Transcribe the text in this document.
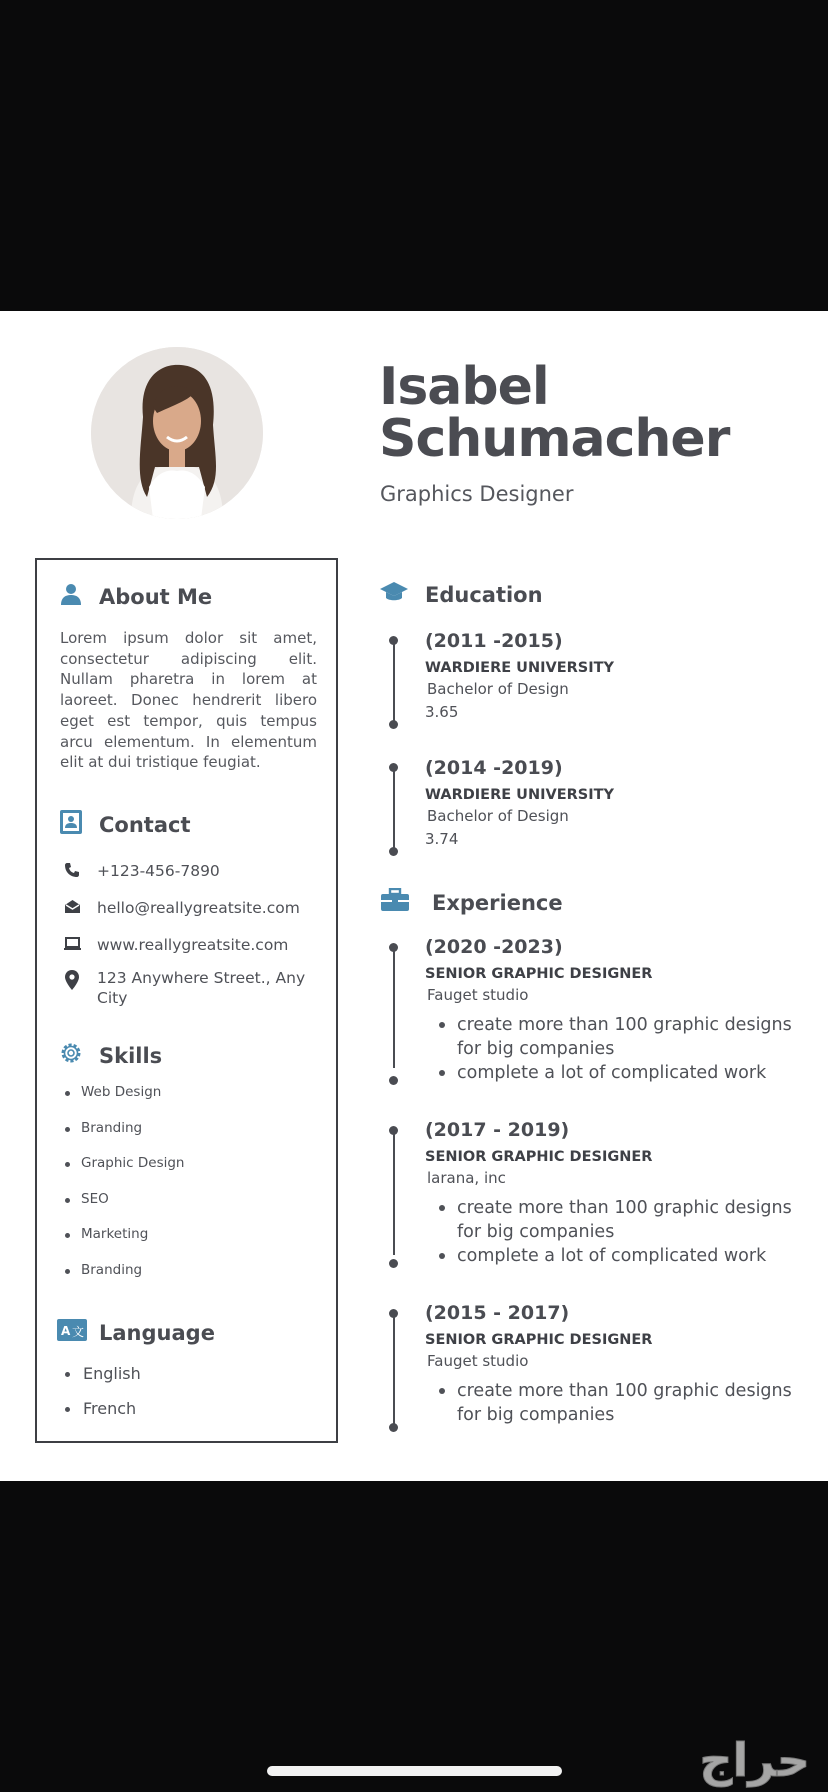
Isabel
Schumacher
Graphics Designer
About Me

Lorem ipsum dolor sit amet, consectetur adipiscing elit. Nullam pharetra in lorem at laoreet. Donec hendrerit libero eget est tempor, quis tempus arcu elementum. In elementum elit at dui tristique feugiat.

Contact
+123-456-7890
hello@reallygreatsite.com
www.reallygreatsite.com
123 Anywhere Street., Any City
Skills
Web Design
Branding
Graphic Design
SEO
Marketing
Branding
A 文 Language
English
French
Education
(2011 -2015)
WARDIERE UNIVERSITY
Bachelor of Design
3.65
(2014 -2019)
WARDIERE UNIVERSITY
Bachelor of Design
3.74
Experience
(2020 -2023)
SENIOR GRAPHIC DESIGNER
Fauget studio
create more than 100 graphic designs for big companies
complete a lot of complicated work
(2017 - 2019)
SENIOR GRAPHIC DESIGNER
larana, inc
create more than 100 graphic designs for big companies
complete a lot of complicated work
(2015 - 2017)
SENIOR GRAPHIC DESIGNER
Fauget studio
create more than 100 graphic designs for big companies
حراج
